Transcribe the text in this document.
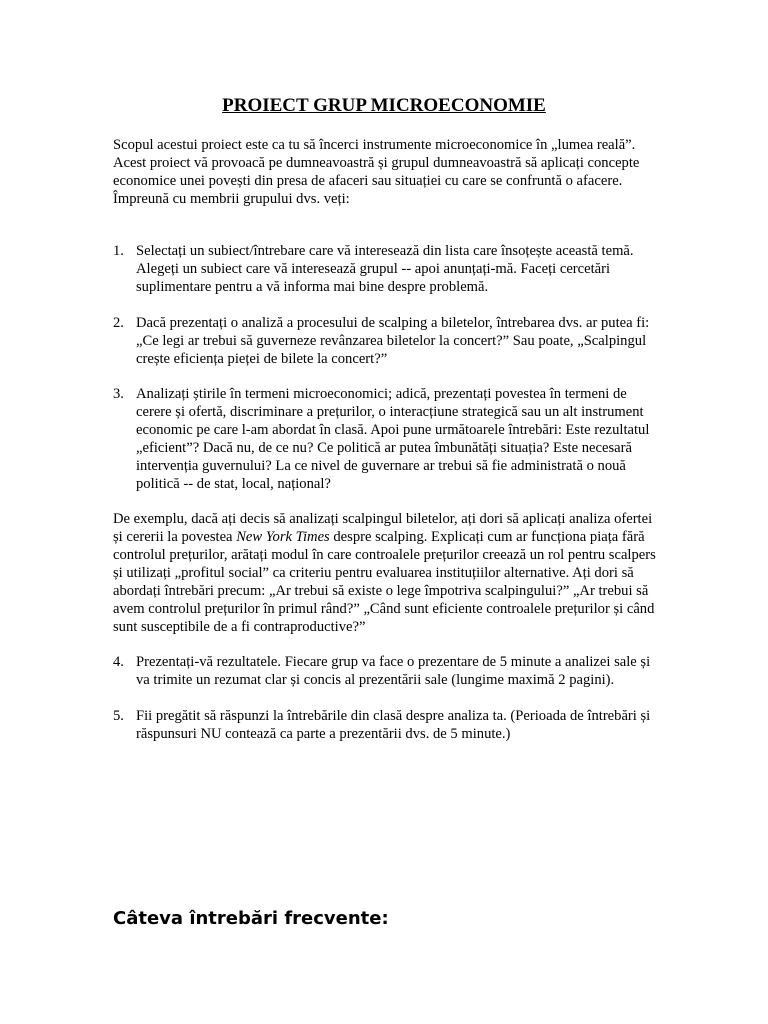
PROIECT GRUP MICROECONOMIE
Scopul acestui proiect este ca tu să încerci instrumente microeconomice în „lumea reală”. Acest proiect vă provoacă pe dumneavoastră și grupul dumneavoastră să aplicați concepte economice unei povești din presa de afaceri sau situației cu care se confruntă o afacere. Împreună cu membrii grupului dvs. veți:
1. Selectați un subiect/întrebare care vă interesează din lista care însoțește această temă. Alegeți un subiect care vă interesează grupul -- apoi anunțați-mă. Faceți cercetări suplimentare pentru a vă informa mai bine despre problemă.
2. Dacă prezentați o analiză a procesului de scalping a biletelor, întrebarea dvs. ar putea fi: „Ce legi ar trebui să guverneze revânzarea biletelor la concert?” Sau poate, „Scalpingul crește eficiența pieței de bilete la concert?”
3. Analizați știrile în termeni microeconomici; adică, prezentați povestea în termeni de cerere și ofertă, discriminare a prețurilor, o interacțiune strategică sau un alt instrument economic pe care l-am abordat în clasă. Apoi pune următoarele întrebări: Este rezultatul „eficient”? Dacă nu, de ce nu? Ce politică ar putea îmbunătăți situația? Este necesară intervenția guvernului? La ce nivel de guvernare ar trebui să fie administrată o nouă politică -- de stat, local, național?
De exemplu, dacă ați decis să analizați scalpingul biletelor, ați dori să aplicați analiza ofertei și cererii la povestea New York Times despre scalping. Explicați cum ar funcționa piața fără controlul prețurilor, arătați modul în care controalele prețurilor creează un rol pentru scalpers și utilizați „profitul social” ca criteriu pentru evaluarea instituțiilor alternative. Ați dori să abordați întrebări precum: „Ar trebui să existe o lege împotriva scalpingului?” „Ar trebui să avem controlul prețurilor în primul rând?” „Când sunt eficiente controalele prețurilor și când sunt susceptibile de a fi contraproductive?”
4. Prezentați-vă rezultatele. Fiecare grup va face o prezentare de 5 minute a analizei sale și va trimite un rezumat clar și concis al prezentării sale (lungime maximă 2 pagini).
5. Fii pregătit să răspunzi la întrebările din clasă despre analiza ta. (Perioada de întrebări și răspunsuri NU contează ca parte a prezentării dvs. de 5 minute.)
Câteva întrebări frecvente:
